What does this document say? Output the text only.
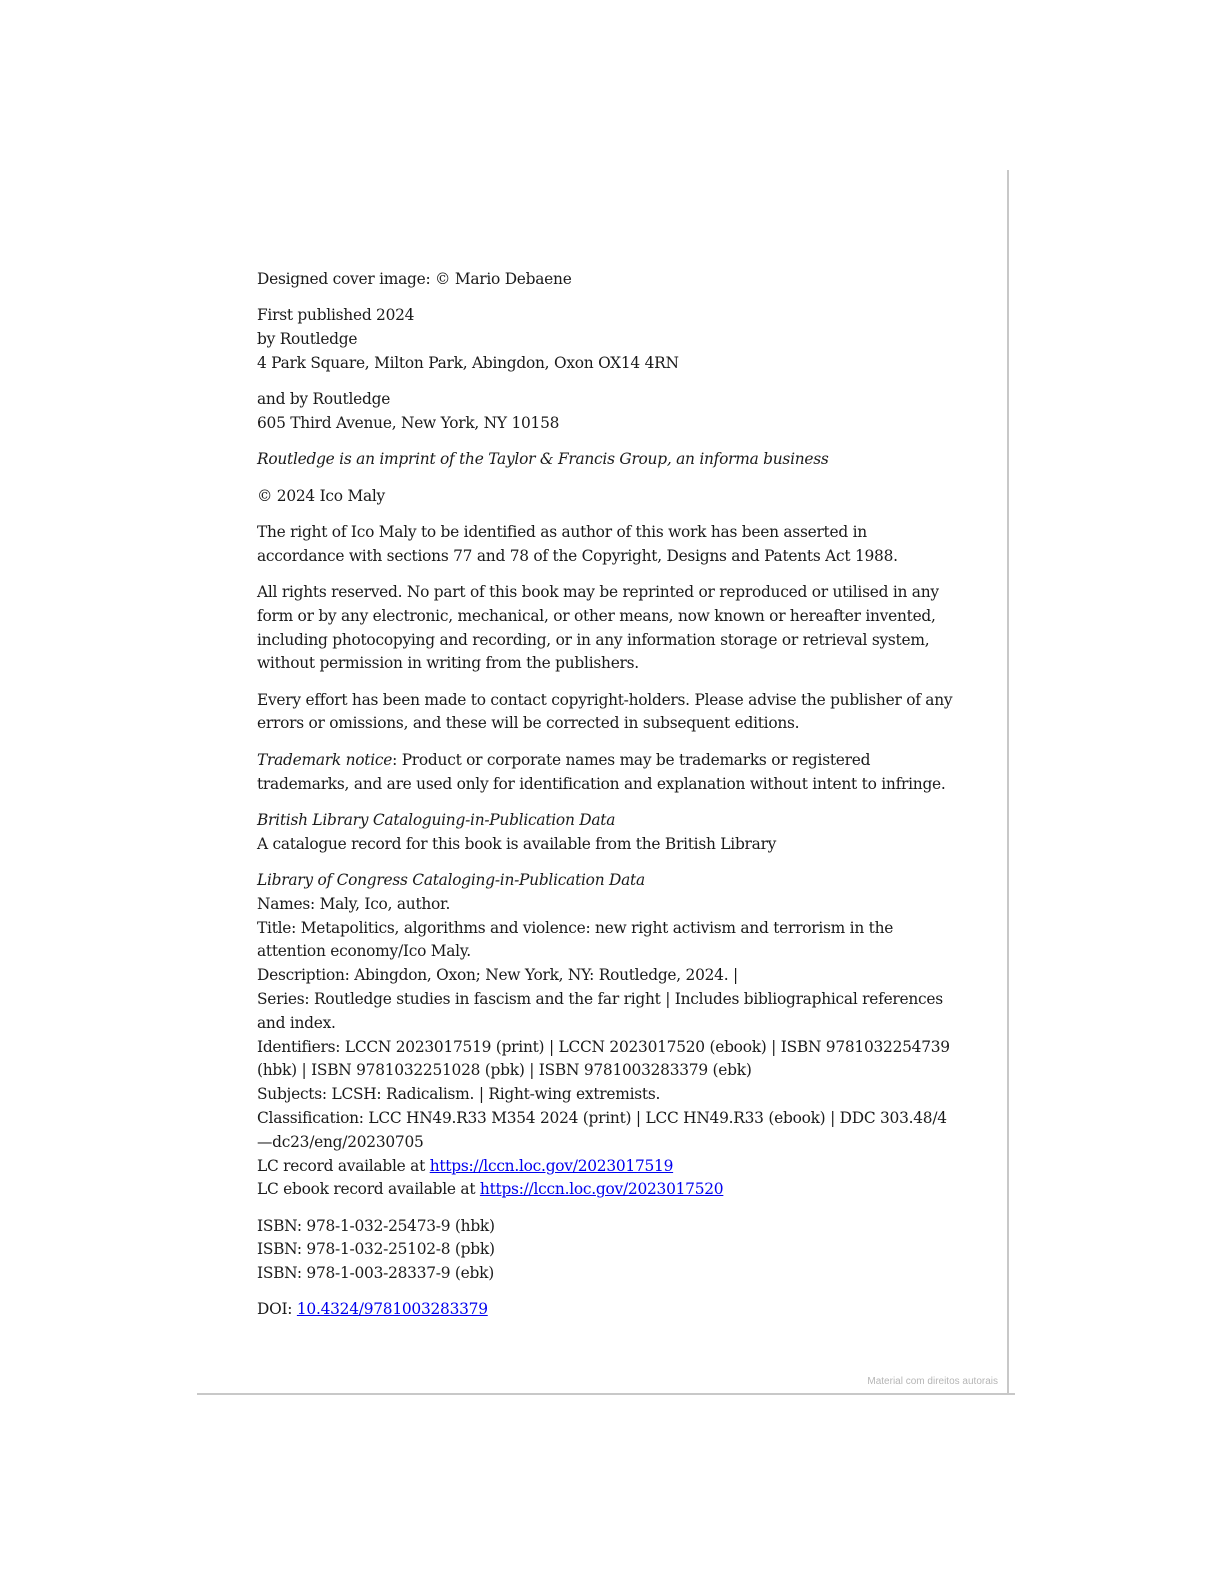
Material com direitos autorais

Designed cover image: © Mario Debaene

First published 2024

by Routledge

4 Park Square, Milton Park, Abingdon, Oxon OX14 4RN

and by Routledge

605 Third Avenue, New York, NY 10158

Routledge is an imprint of the Taylor & Francis Group, an informa business

© 2024 Ico Maly

The right of Ico Maly to be identified as author of this work has been asserted in accordance with sections 77 and 78 of the Copyright, Designs and Patents Act 1988.

All rights reserved. No part of this book may be reprinted or reproduced or utilised in any form or by any electronic, mechanical, or other means, now known or hereafter invented, including photocopying and recording, or in any information storage or retrieval system, without permission in writing from the publishers.

Every effort has been made to contact copyright-holders. Please advise the publisher of any errors or omissions, and these will be corrected in subsequent editions.

Trademark notice: Product or corporate names may be trademarks or registered trademarks, and are used only for identification and explanation without intent to infringe.

British Library Cataloguing-in-Publication Data

A catalogue record for this book is available from the British Library

Library of Congress Cataloging-in-Publication Data

Names: Maly, Ico, author.

Title: Metapolitics, algorithms and violence: new right activism and terrorism in the attention economy/Ico Maly.

Description: Abingdon, Oxon; New York, NY: Routledge, 2024. |

Series: Routledge studies in fascism and the far right | Includes bibliographical references and index.

Identifiers: LCCN 2023017519 (print) | LCCN 2023017520 (ebook) | ISBN 9781032254739 (hbk) | ISBN 9781032251028 (pbk) | ISBN 9781003283379 (ebk)

Subjects: LCSH: Radicalism. | Right-wing extremists.

Classification: LCC HN49.R33 M354 2024 (print) | LCC HN49.R33 (ebook) | DDC 303.48/4—dc23/eng/20230705

LC record available at https://lccn.loc.gov/2023017519

LC ebook record available at https://lccn.loc.gov/2023017520

ISBN: 978-1-032-25473-9 (hbk)

ISBN: 978-1-032-25102-8 (pbk)

ISBN: 978-1-003-28337-9 (ebk)

DOI: 10.4324/9781003283379
